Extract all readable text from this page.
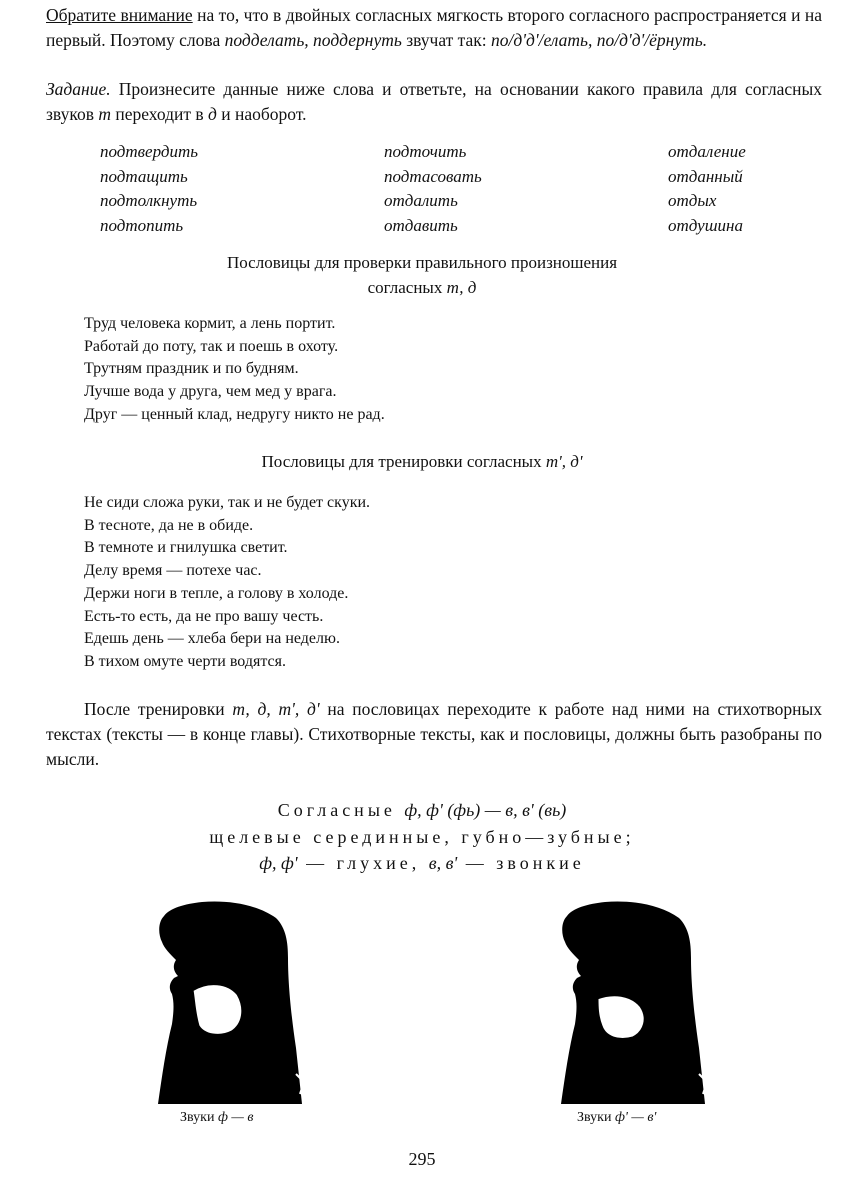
Обратите внимание на то, что в двойных согласных мягкость второго согласного распространяется и на первый. Поэтому слова подделать, поддернуть звучат так: по/д'д'/елать, по/д'д'/ёрнуть.

Задание. Произнесите данные ниже слова и ответьте, на основании какого правила для согласных звуков т переходит в д и наоборот.

подтвердить
подтащить
подтолкнуть
подтопить
подточить
подтасовать
отдалить
отдавить
отдаление
отданный
отдых
отдушина
Пословицы для проверки правильного произношения
согласных т, д
Труд человека кормит, а лень портит.
Работай до поту, так и поешь в охоту.
Трутням праздник и по будням.
Лучше вода у друга, чем мед у врага.
Друг — ценный клад, недругу никто не рад.
Пословицы для тренировки согласных т', д'
Не сиди сложа руки, так и не будет скуки.
В тесноте, да не в обиде.
В темноте и гнилушка светит.
Делу время — потехе час.
Держи ноги в тепле, а голову в холоде.
Есть-то есть, да не про вашу честь.
Едешь день — хлеба бери на неделю.
В тихом омуте черти водятся.

После тренировки т, д, т', д' на пословицах переходите к работе над ними на стихотворных текстах (тексты — в конце главы). Стихотворные тексты, как и пословицы, должны быть разобраны по мысли.

Согласные ф, ф' (фь) — в, в' (вь)
щелевые серединные, губно—зубные;
ф, ф' — глухие, в, в' — звонкие
Звуки ф — в	Звуки ф' — в'
295
